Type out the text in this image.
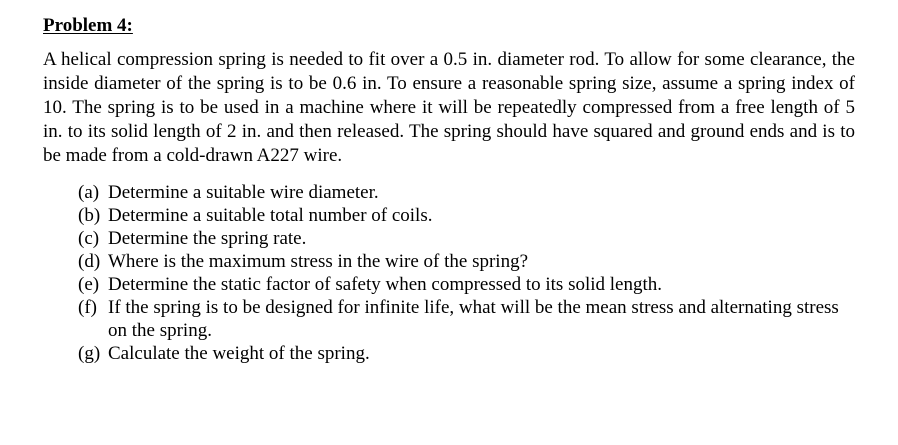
Problem 4:

A helical compression spring is needed to fit over a 0.5 in. diameter rod. To allow for some clearance, the inside diameter of the spring is to be 0.6 in. To ensure a reasonable spring size, assume a spring index of 10. The spring is to be used in a machine where it will be repeatedly compressed from a free length of 5 in. to its solid length of 2 in. and then released. The spring should have squared and ground ends and is to be made from a cold-drawn A227 wire.

(a) Determine a suitable wire diameter.
(b) Determine a suitable total number of coils.
(c) Determine the spring rate.
(d) Where is the maximum stress in the wire of the spring?
(e) Determine the static factor of safety when compressed to its solid length.
(f) If the spring is to be designed for infinite life, what will be the mean stress and alternating stress on the spring.
(g) Calculate the weight of the spring.
